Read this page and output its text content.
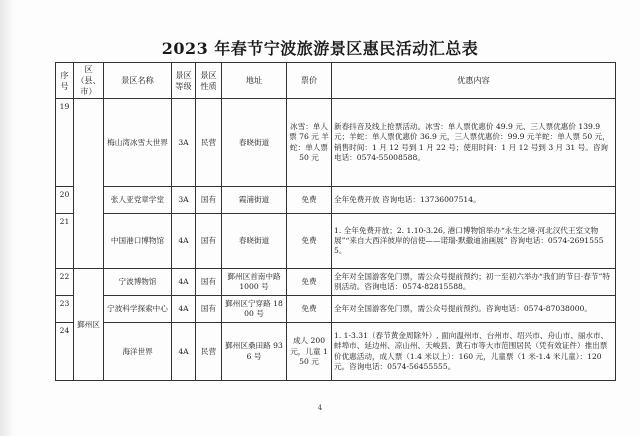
2023 年春节宁波旅游景区惠民活动汇总表
序号	区（县、市）	景区名称	景区等级	景区性质	地址	票价	优惠内容
19		梅山湾冰雪大世界	3A	民营	春晓街道	冰雪：单人票 76 元 羊蛇：单人票 50 元	新春抖音及线上抢票活动。冰雪：单人票优惠价 49.9 元、三人票优惠价 139.9 元；羊蛇：单人票优惠价 36.9 元，三人票优惠价：99.9 元羊蛇：单人票 50 元，销售时间：1 月 12 号到 1 月 22 号；使用时间：1 月 12 号到 3 月 31 号。咨询电话：0574-55008588。
20		张人亚党章学堂	3A	国有	霞浦街道	免费	全年免费开放 咨询电话：13736007514。
21		中国港口博物馆	4A	国有	春晓街道	免费	1. 全年免费开放；2. 1.10-3.26, 港口博物馆举办“永生之境·河北汉代王室文物展”“来自大西洋彼岸的信使——诺瑞·默撒迪油画展” 咨询电话：0574-26915555。
22	鄞州区	宁波博物馆	4A	国有	鄞州区首南中路 1000 号	免费	全年对全国游客免门票，需公众号提前预约；初一至初六举办“我们的节日·春节”特别活动。咨询电话：0574-82815588。
23		宁波科学探索中心	4A	国有	鄞州区宁穿路 1800 号	免费	全年对全国游客免门票，需公众号提前预约。咨询电话：0574-87038000。
24		海洋世界	4A	民营	鄞州区桑田路 936 号	成人 200 元，儿童 150 元	1. 1-3.31（春节黄金周除外）, 面向温州市、台州市、绍兴市、舟山市、丽水市、蚌埠市、延边州、凉山州、天峻县、黄石市等大市范围居民（凭有效证件）推出票价优惠活动，成人票（1.4 米以上）：160 元，儿童票（1 米-1.4 米儿童）：120 元。咨询电话：0574-56455555。
4
